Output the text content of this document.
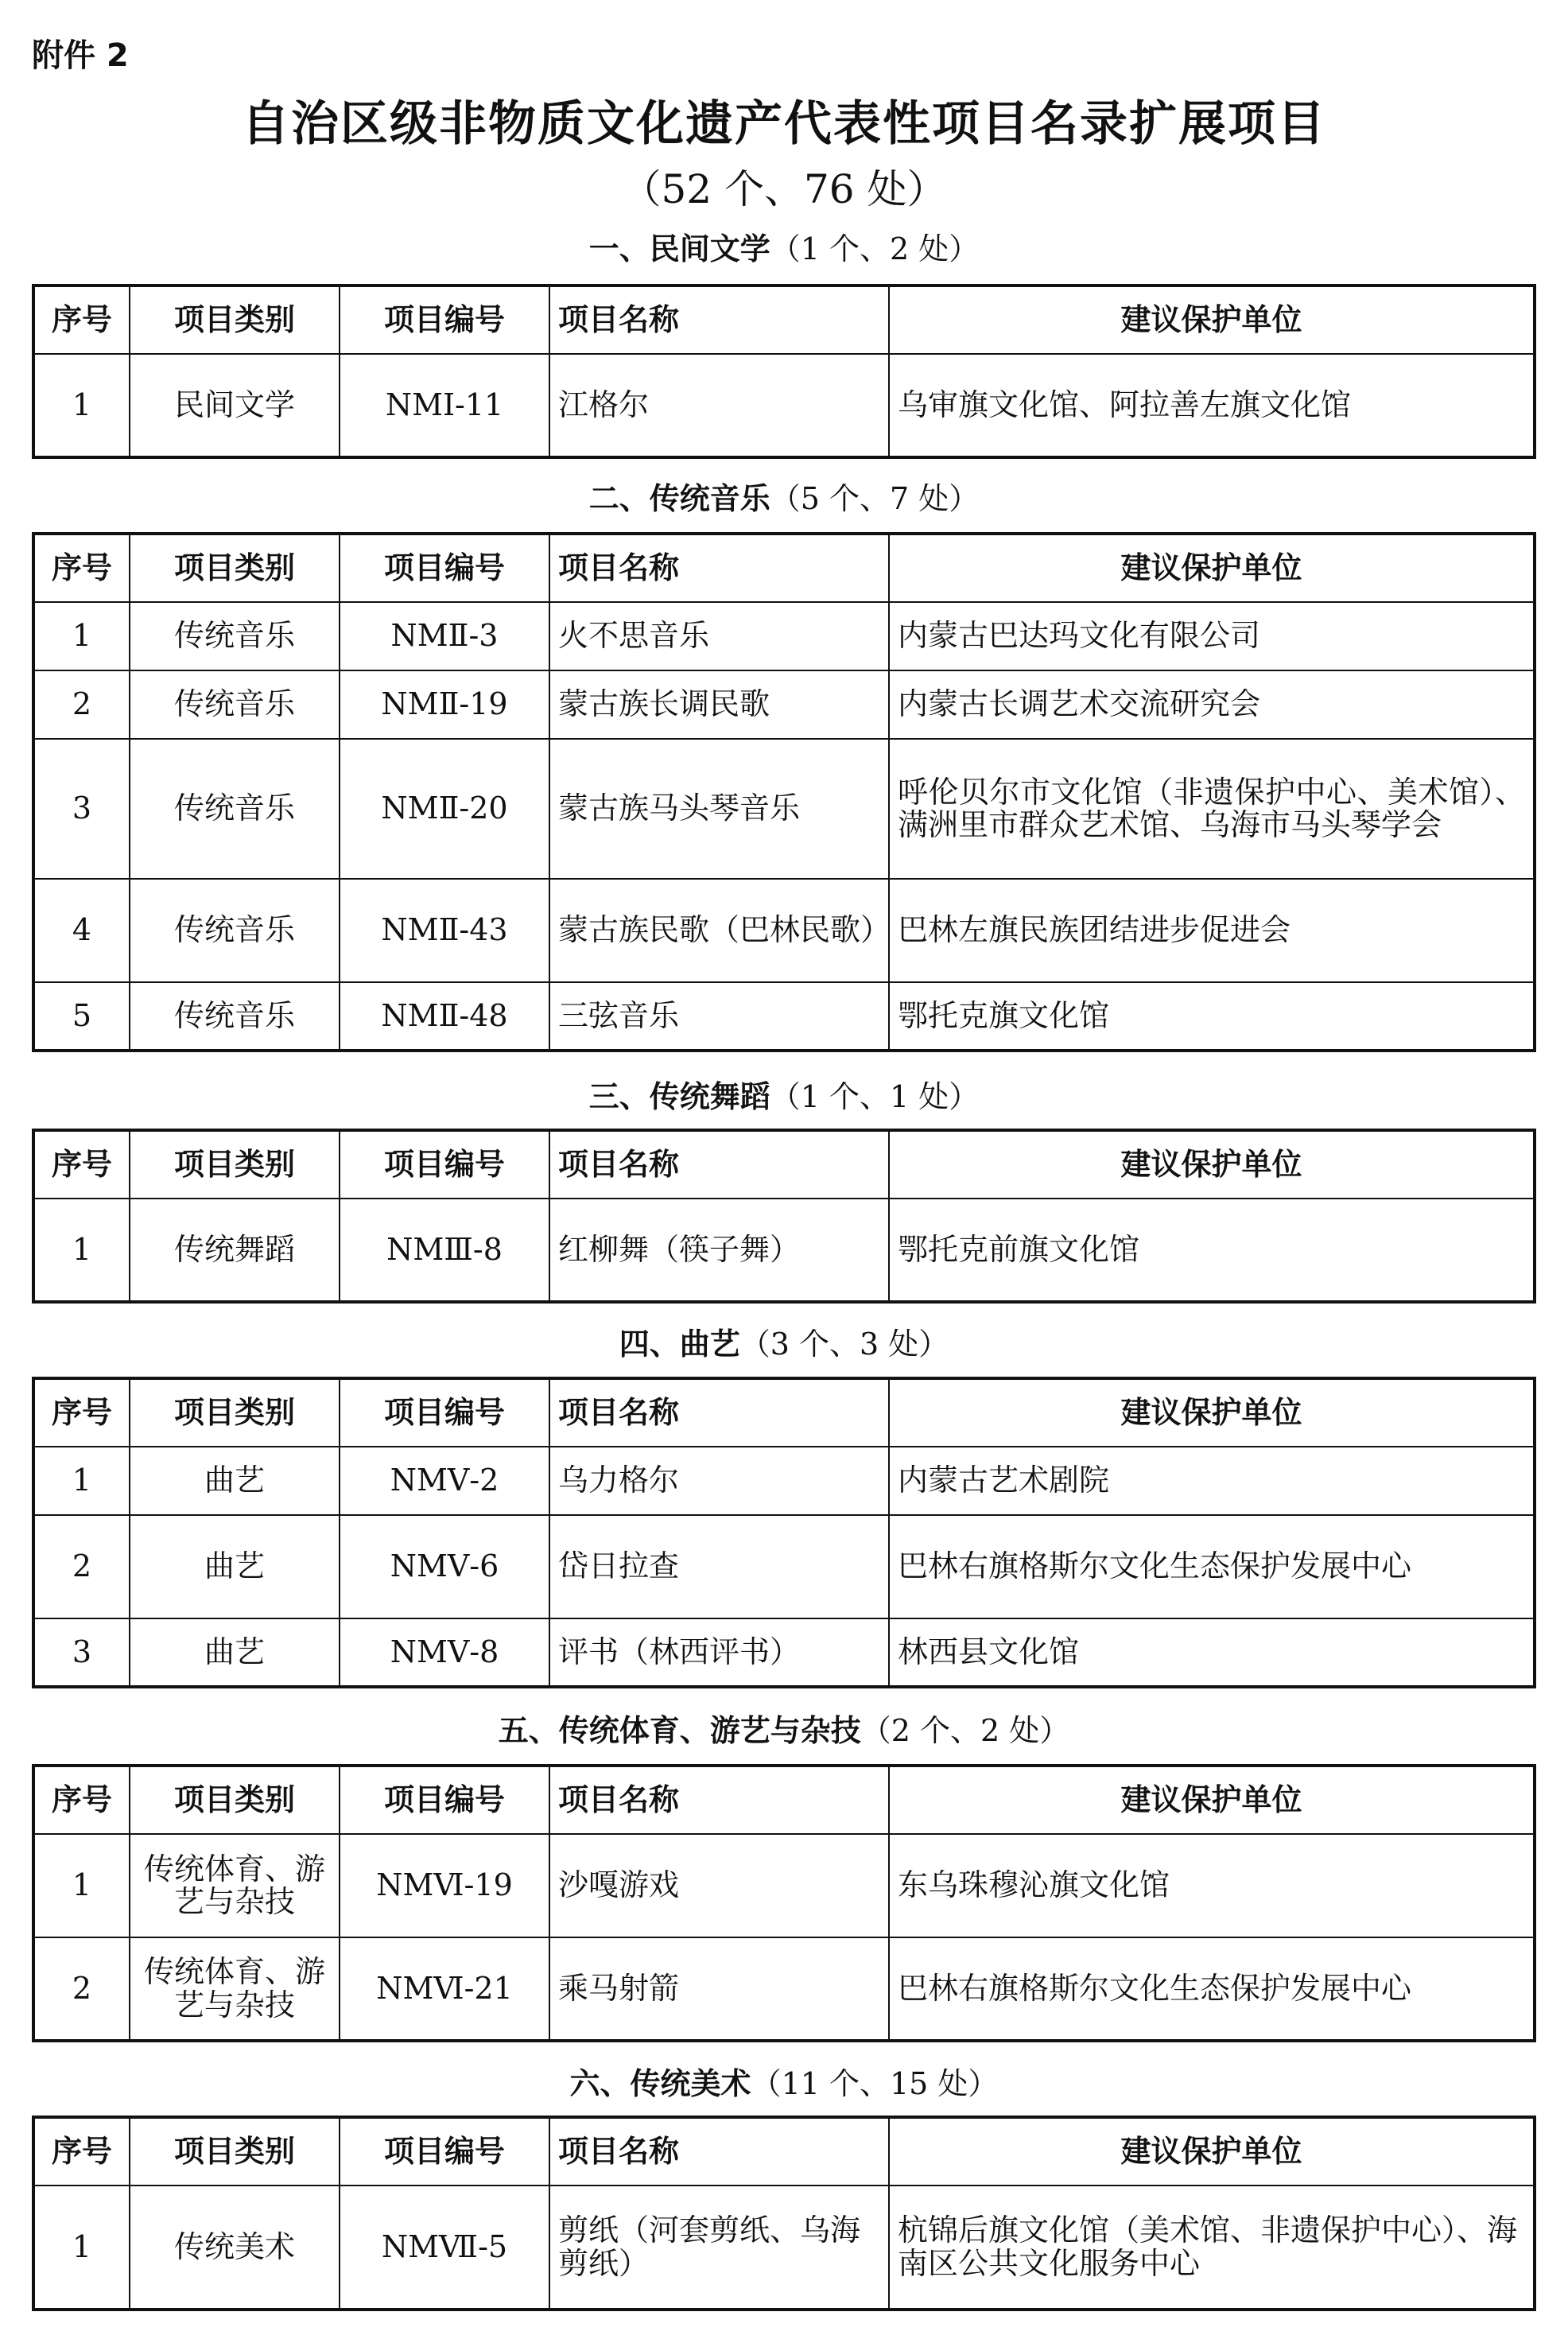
附件 2
自治区级非物质文化遗产代表性项目名录扩展项目
（52 个、76 处）
一、民间文学（1 个、2 处）
序号	项目类别	项目编号	项目名称	建议保护单位
1	民间文学	NMⅠ-11	江格尔	乌审旗文化馆、阿拉善左旗文化馆
二、传统音乐（5 个、7 处）
序号	项目类别	项目编号	项目名称	建议保护单位
1	传统音乐	NMⅡ-3	火不思音乐	内蒙古巴达玛文化有限公司
2	传统音乐	NMⅡ-19	蒙古族长调民歌	内蒙古长调艺术交流研究会
3	传统音乐	NMⅡ-20	蒙古族马头琴音乐	呼伦贝尔市文化馆（非遗保护中心、美术馆）、满洲里市群众艺术馆、乌海市马头琴学会
4	传统音乐	NMⅡ-43	蒙古族民歌（巴林民歌）	巴林左旗民族团结进步促进会
5	传统音乐	NMⅡ-48	三弦音乐	鄂托克旗文化馆
三、传统舞蹈（1 个、1 处）
序号	项目类别	项目编号	项目名称	建议保护单位
1	传统舞蹈	NMⅢ-8	红柳舞（筷子舞）	鄂托克前旗文化馆
四、曲艺（3 个、3 处）
序号	项目类别	项目编号	项目名称	建议保护单位
1	曲艺	NMⅤ-2	乌力格尔	内蒙古艺术剧院
2	曲艺	NMⅤ-6	岱日拉查	巴林右旗格斯尔文化生态保护发展中心
3	曲艺	NMⅤ-8	评书（林西评书）	林西县文化馆
五、传统体育、游艺与杂技（2 个、2 处）
序号	项目类别	项目编号	项目名称	建议保护单位
1	传统体育、游艺与杂技	NMⅥ-19	沙嘎游戏	东乌珠穆沁旗文化馆
2	传统体育、游艺与杂技	NMⅥ-21	乘马射箭	巴林右旗格斯尔文化生态保护发展中心
六、传统美术（11 个、15 处）
序号	项目类别	项目编号	项目名称	建议保护单位
1	传统美术	NMⅦ-5	剪纸（河套剪纸、乌海剪纸）	杭锦后旗文化馆（美术馆、非遗保护中心）、海南区公共文化服务中心
